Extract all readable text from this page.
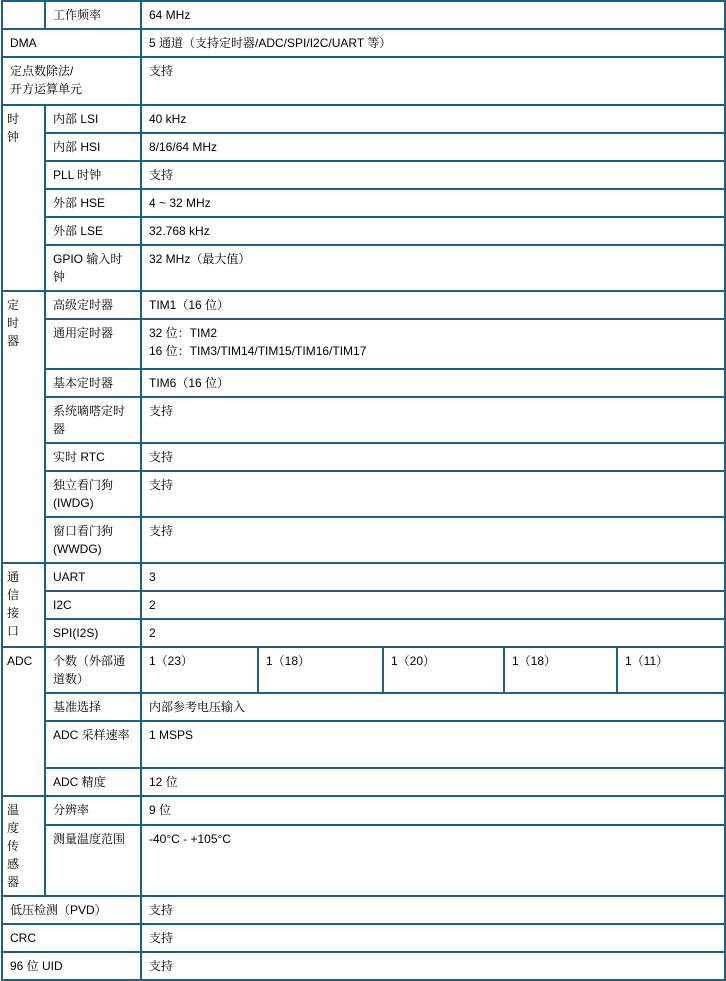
	工作频率	64 MHz				
DMA		5 通道（支持定时器/ADC/SPI/I2C/UART 等）				
定点数除法/
开方运算单元		支持				
时钟	内部 LSI	40 kHz				
	内部 HSI	8/16/64 MHz				
	PLL 时钟	支持				
	外部 HSE	4 ~ 32 MHz				
	外部 LSE	32.768 kHz				
	GPIO 输入时钟	32 MHz（最大值）				
定时器	高级定时器	TIM1（16 位）				
	通用定时器	32 位：TIM2
16 位：TIM3/TIM14/TIM15/TIM16/TIM17				

	基本定时器	TIM6（16 位）				
	系统嘀嗒定时器	支持				
	实时 RTC	支持				
	独立看门狗 (IWDG)	支持				
	窗口看门狗 (WWDG)	支持				
通信接口	UART	3				
	I2C	2				
	SPI(I2S)	2				
ADC	个数（外部通道数）	1（23）	1（18）	1（20）	1（18）	1（11）
	基准选择	内部参考电压输入				
	ADC 采样速率	1 MSPS				
	ADC 精度	12 位				
温度传感器	分辨率	9 位				
	测量温度范围	-40°C - +105°C				
低压检测（PVD）		支持				
CRC		支持				
96 位 UID		支持				
